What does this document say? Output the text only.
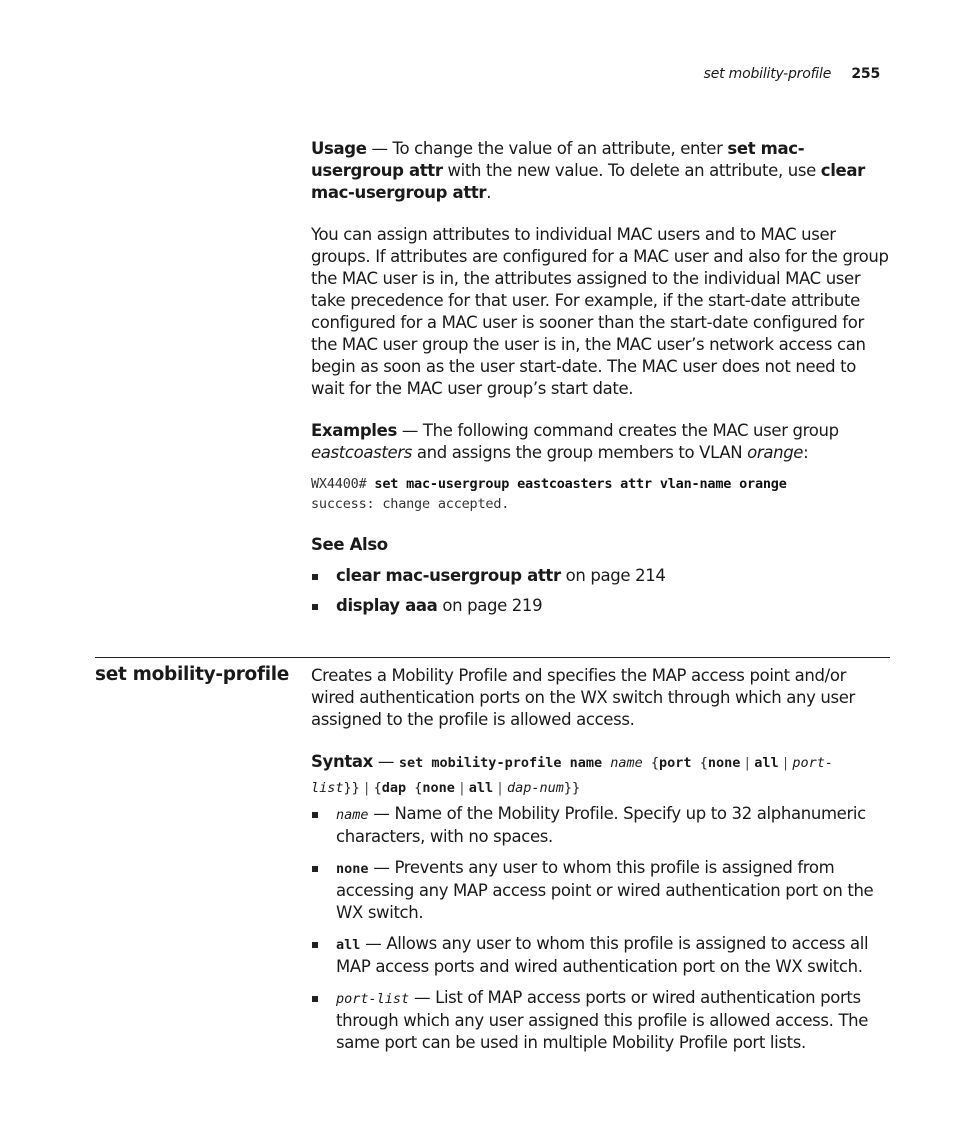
set mobility-profile 255

Usage — To change the value of an attribute, enter set mac-usergroup attr with the new value. To delete an attribute, use clear mac-usergroup attr.

You can assign attributes to individual MAC users and to MAC user groups. If attributes are configured for a MAC user and also for the group the MAC user is in, the attributes assigned to the individual MAC user take precedence for that user. For example, if the start-date attribute configured for a MAC user is sooner than the start-date configured for the MAC user group the user is in, the MAC user’s network access can begin as soon as the user start-date. The MAC user does not need to wait for the MAC user group’s start date.

Examples — The following command creates the MAC user group eastcoasters and assigns the group members to VLAN orange:

WX4400# set mac-usergroup eastcoasters attr vlan-name orange
success: change accepted.

See Also

clear mac-usergroup attr on page 214
display aaa on page 219
set mobility-profile Creates a Mobility Profile and specifies the MAP access point and/or wired authentication ports on the WX switch through which any user assigned to the profile is allowed access.

Syntax — set mobility-profile name name {port {none | all | port-list}} | {dap {none | all | dap-num}}

name — Name of the Mobility Profile. Specify up to 32 alphanumeric characters, with no spaces.
none — Prevents any user to whom this profile is assigned from accessing any MAP access point or wired authentication port on the WX switch.
all — Allows any user to whom this profile is assigned to access all MAP access ports and wired authentication port on the WX switch.
port-list — List of MAP access ports or wired authentication ports through which any user assigned this profile is allowed access. The same port can be used in multiple Mobility Profile port lists.
